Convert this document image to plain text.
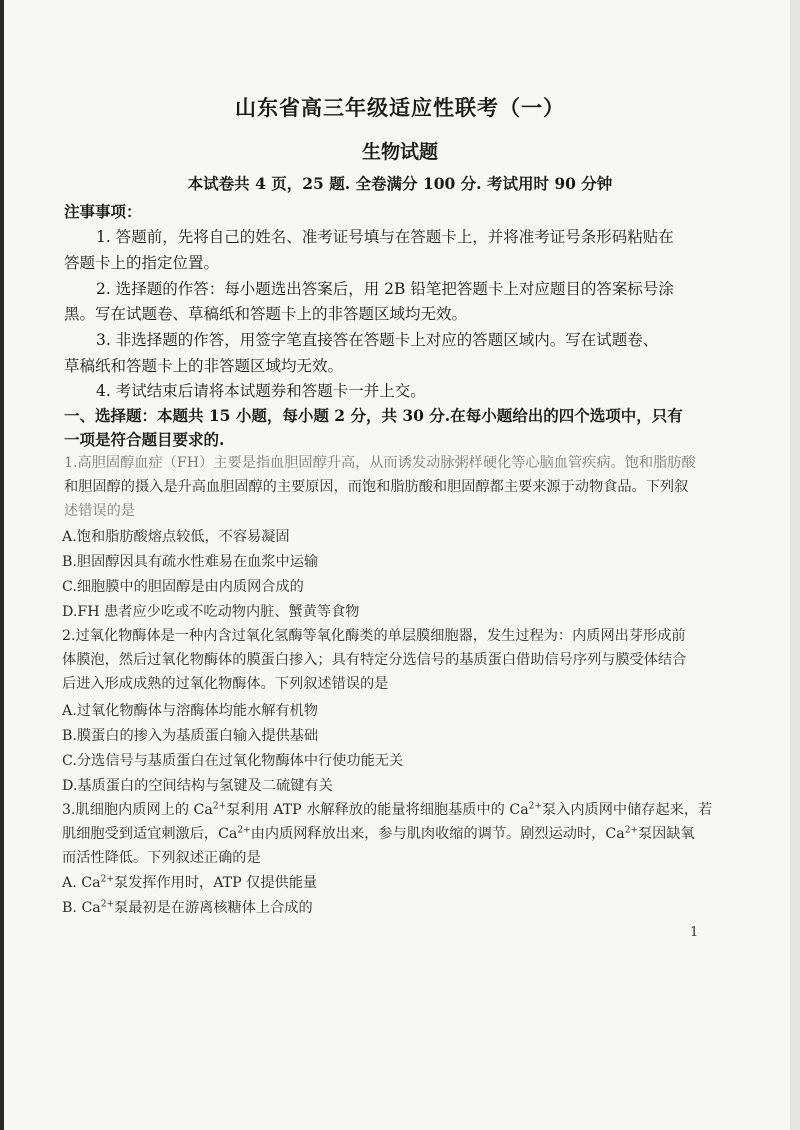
山东省高三年级适应性联考（一）
生物试题
本试卷共 4 页，25 题. 全卷满分 100 分. 考试用时 90 分钟
注事事项：
1. 答题前，先将自己的姓名、准考证号填与在答题卡上，并将准考证号条形码粘贴在
答题卡上的指定位置。
2. 选择题的作答：每小题选出答案后，用 2B 铅笔把答题卡上对应题目的答案标号涂
黑。写在试题卷、草稿纸和答题卡上的非答题区域均无效。
3. 非选择题的作答，用签字笔直接答在答题卡上对应的答题区域内。写在试题卷、
草稿纸和答题卡上的非答题区域均无效。
4. 考试结束后请将本试题券和答题卡一并上交。
一、选择题：本题共 15 小题，每小题 2 分，共 30 分.在每小题给出的四个选项中，只有
一项是符合题目要求的.
1.高胆固醇血症（FH）主要是指血胆固醇升高，从而诱发动脉粥样硬化等心脑血管疾病。饱和脂肪酸
和胆固醇的摄入是升高血胆固醇的主要原因，而饱和脂肪酸和胆固醇都主要来源于动物食品。下列叙
述错误的是
A.饱和脂肪酸熔点较低，不容易凝固
B.胆固醇因具有疏水性难易在血浆中运输
C.细胞膜中的胆固醇是由内质网合成的
D.FH 患者应少吃或不吃动物内脏、蟹黄等食物
2.过氧化物酶体是一种内含过氧化氢酶等氧化酶类的单层膜细胞器，发生过程为：内质网出芽形成前
体膜泡，然后过氧化物酶体的膜蛋白掺入；具有特定分选信号的基质蛋白借助信号序列与膜受体结合
后进入形成成熟的过氧化物酶体。下列叙述错误的是
A.过氧化物酶体与溶酶体均能水解有机物
B.膜蛋白的掺入为基质蛋白输入提供基础
C.分选信号与基质蛋白在过氧化物酶体中行使功能无关
D.基质蛋白的空间结构与氢键及二硫键有关
3.肌细胞内质网上的 $Ca^{2+}$泵利用 ATP 水解释放的能量将细胞基质中的 $Ca^{2+}$泵入内质网中储存起来，若
肌细胞受到适宜刺激后，$Ca^{2+}$由内质网释放出来，参与肌肉收缩的调节。剧烈运动时，$Ca^{2+}$泵因缺氧
而活性降低。下列叙述正确的是
A. $Ca^{2+}$泵发挥作用时，ATP 仅提供能量
B. $Ca^{2+}$泵最初是在游离核糖体上合成的
1
